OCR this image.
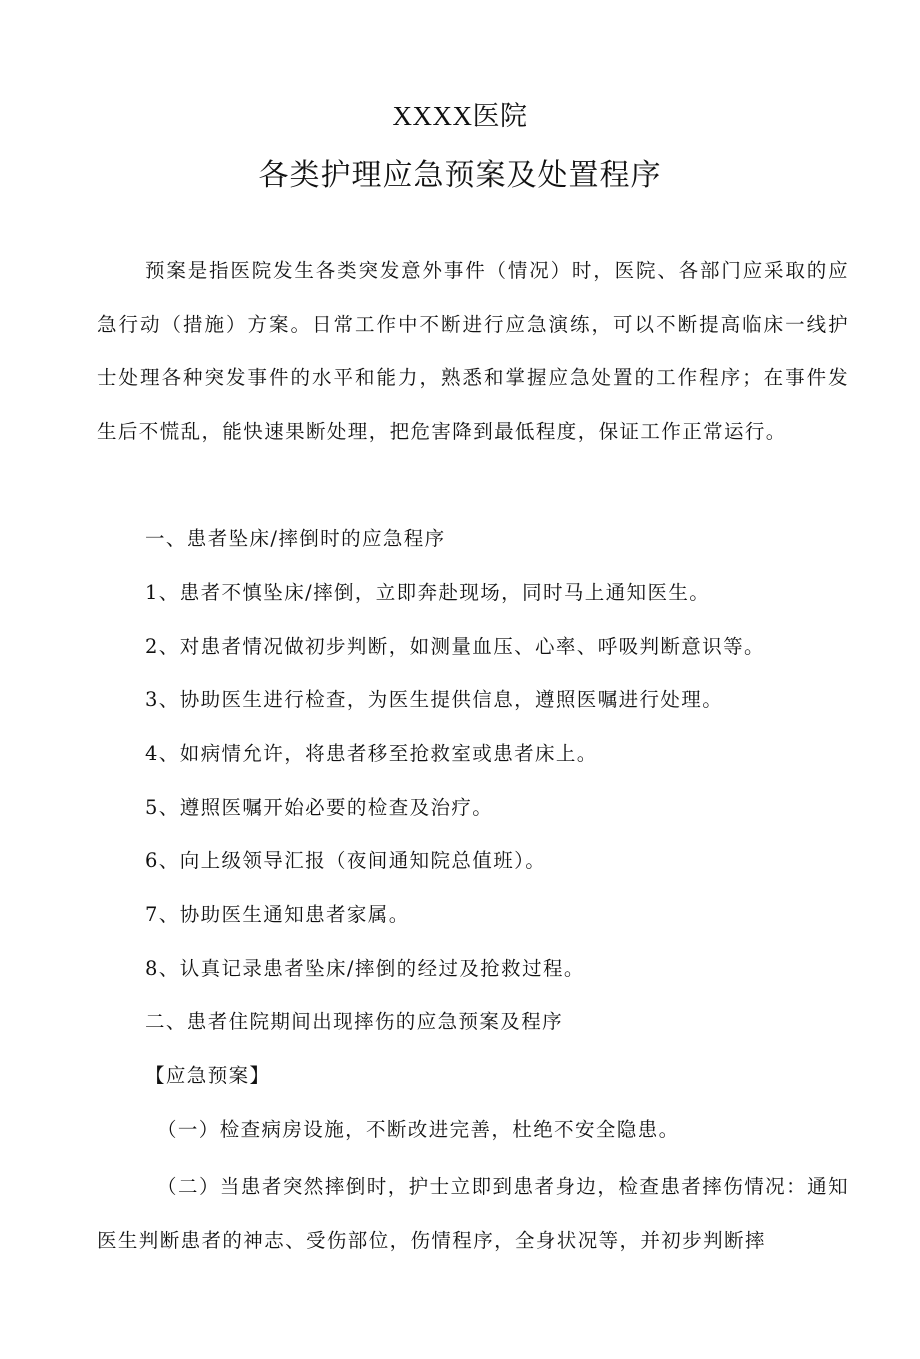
XXXX医院
各类护理应急预案及处置程序

预案是指医院发生各类突发意外事件（情况）时，医院、各部门应采取的应急行动（措施）方案。日常工作中不断进行应急演练，可以不断提高临床一线护士处理各种突发事件的水平和能力，熟悉和掌握应急处置的工作程序；在事件发生后不慌乱，能快速果断处理，把危害降到最低程度，保证工作正常运行。

一、患者坠床/摔倒时的应急程序

1、患者不慎坠床/摔倒，立即奔赴现场，同时马上通知医生。

2、对患者情况做初步判断，如测量血压、心率、呼吸判断意识等。

3、协助医生进行检查，为医生提供信息，遵照医嘱进行处理。

4、如病情允许，将患者移至抢救室或患者床上。

5、遵照医嘱开始必要的检查及治疗。

6、向上级领导汇报（夜间通知院总值班）。

7、协助医生通知患者家属。

8、认真记录患者坠床/摔倒的经过及抢救过程。

二、患者住院期间出现摔伤的应急预案及程序

【应急预案】

（一）检查病房设施，不断改进完善，杜绝不安全隐患。

（二）当患者突然摔倒时，护士立即到患者身边，检查患者摔伤情况：通知医生判断患者的神志、受伤部位，伤情程序，全身状况等，并初步判断摔
